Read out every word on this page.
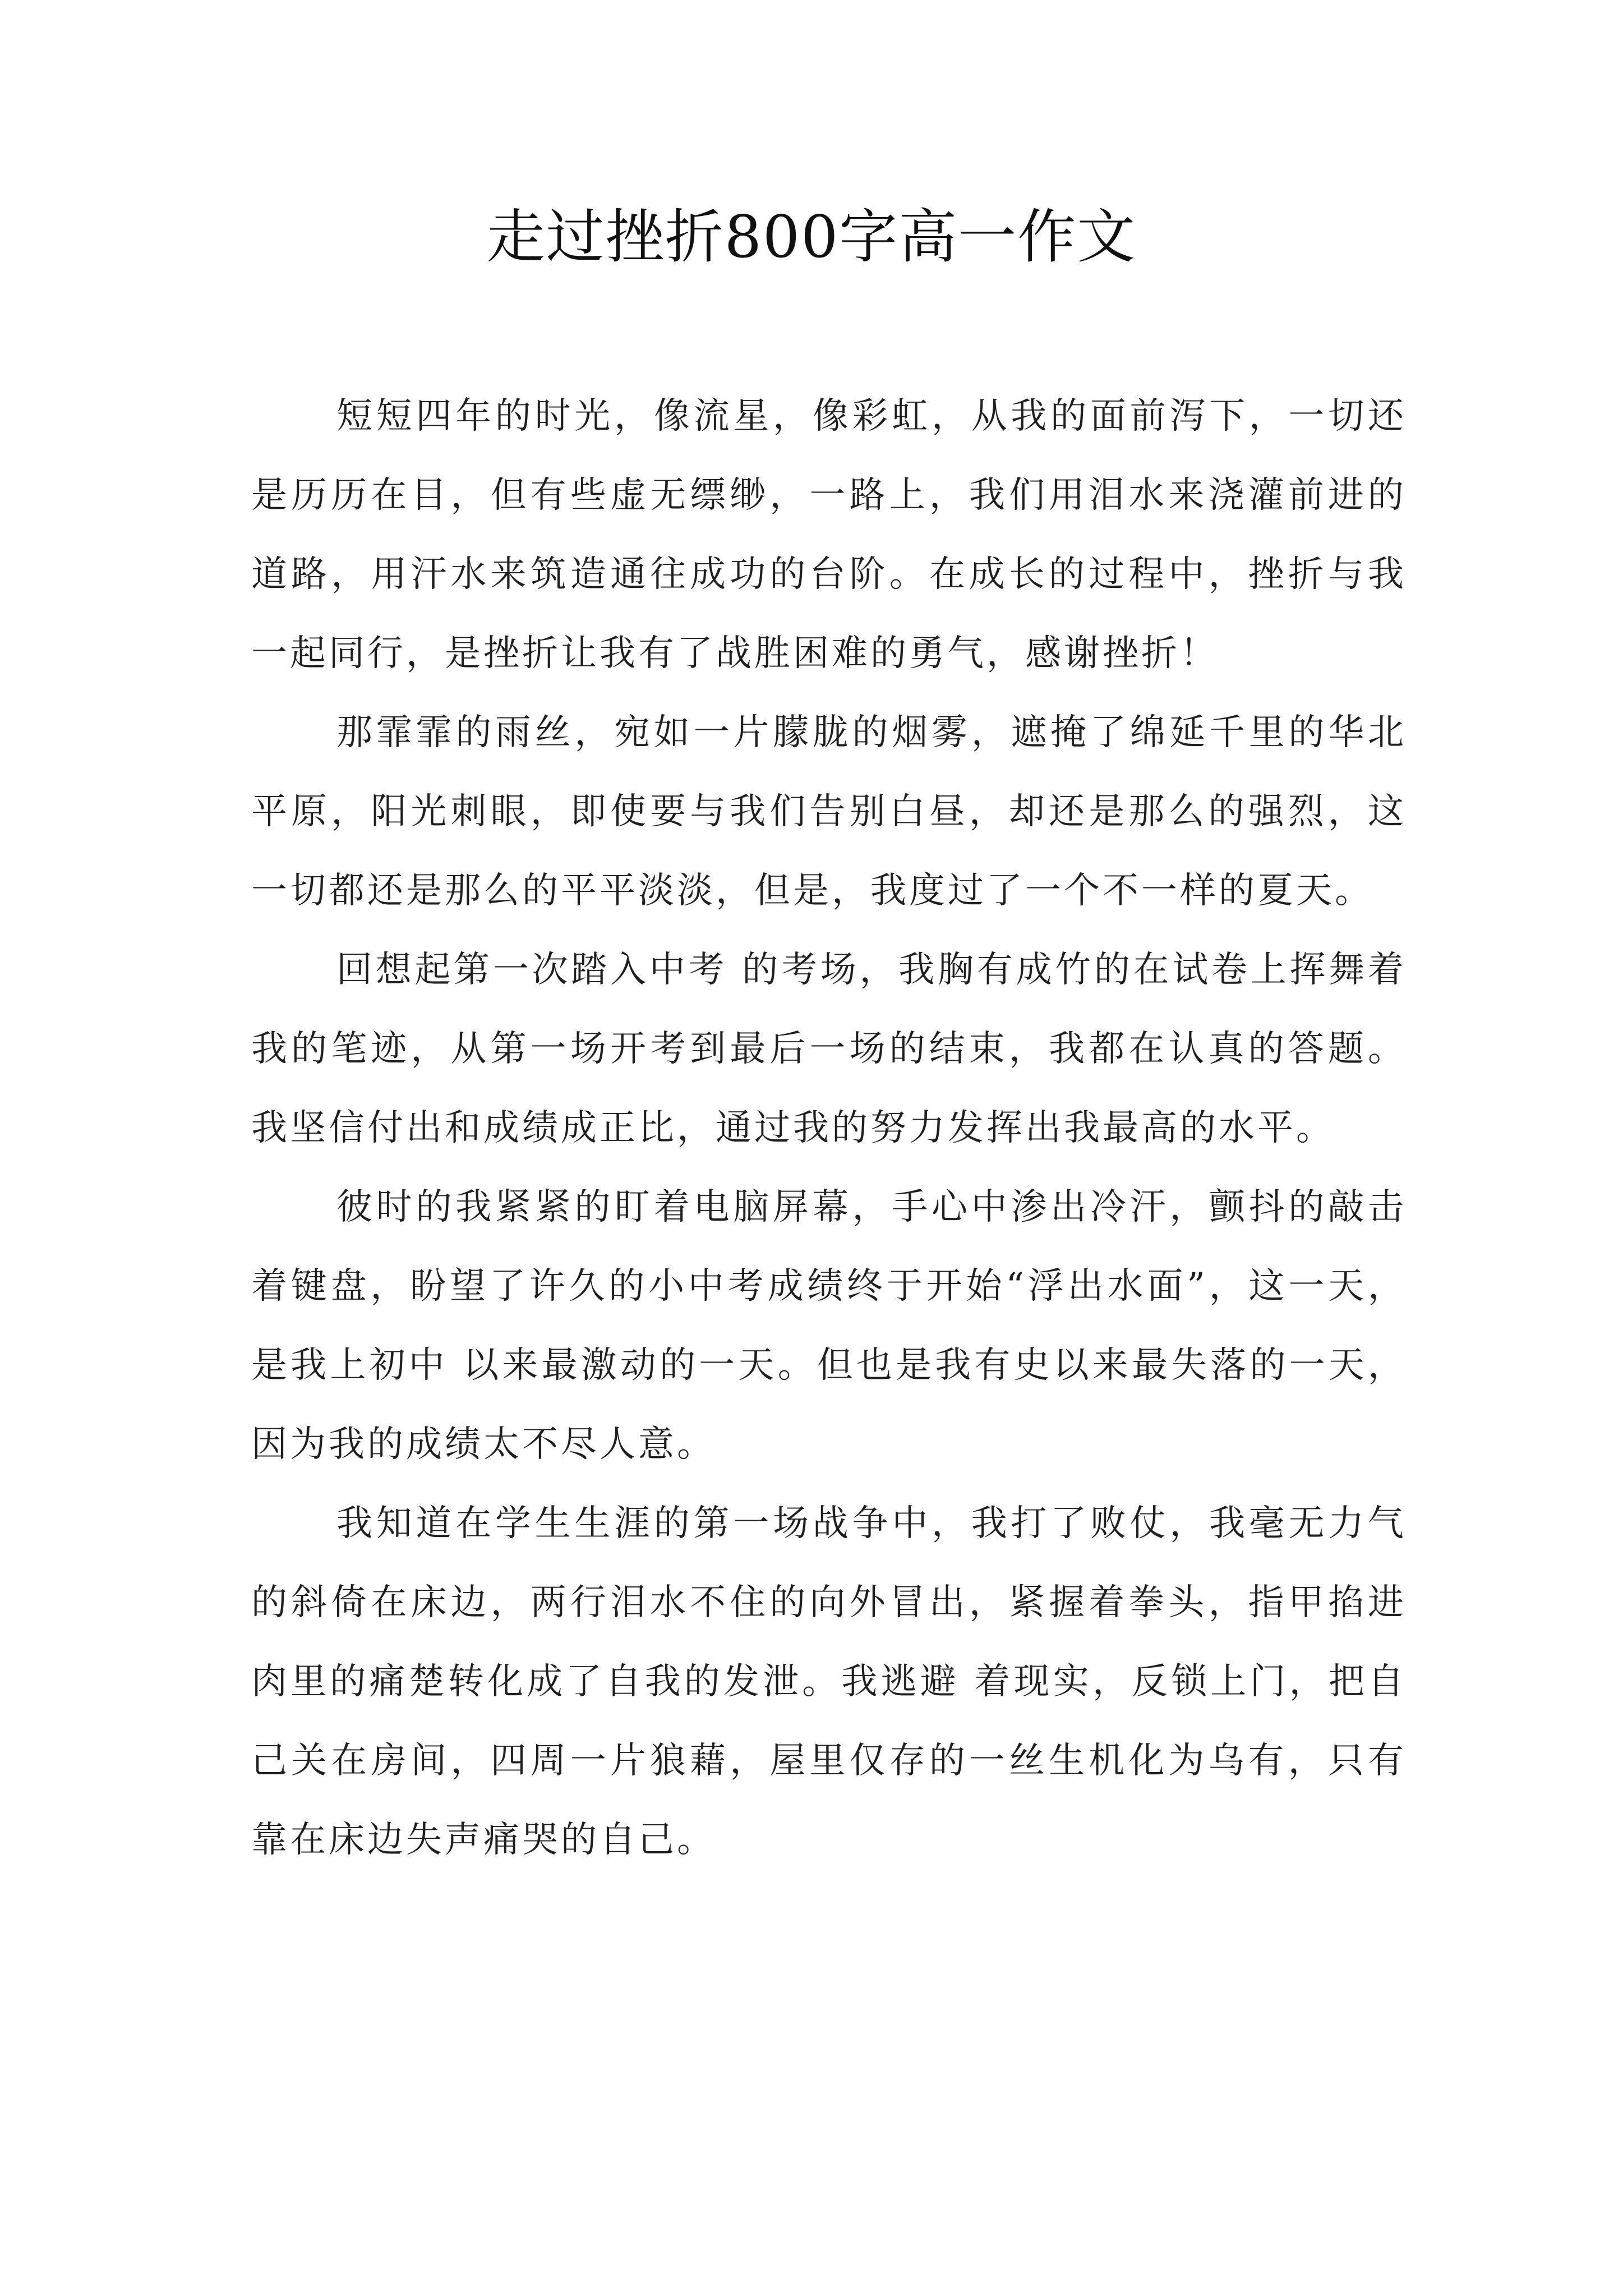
走过挫折800字高一作文

短短四年的时光，像流星，像彩虹，从我的面前泻下，一切还是历历在目，但有些虚无缥缈，一路上，我们用泪水来浇灌前进的道路，用汗水来筑造通往成功的台阶。在成长的过程中，挫折与我一起同行，是挫折让我有了战胜困难的勇气，感谢挫折！

那霏霏的雨丝，宛如一片朦胧的烟雾，遮掩了绵延千里的华北平原，阳光刺眼，即使要与我们告别白昼，却还是那么的强烈，这一切都还是那么的平平淡淡，但是，我度过了一个不一样的夏天。

回想起第一次踏入中考 的考场，我胸有成竹的在试卷上挥舞着我的笔迹，从第一场开考到最后一场的结束，我都在认真的答题。我坚信付出和成绩成正比，通过我的努力发挥出我最高的水平。

彼时的我紧紧的盯着电脑屏幕，手心中渗出冷汗，颤抖的敲击着键盘，盼望了许久的小中考成绩终于开始“浮出水面”，这一天，是我上初中 以来最激动的一天。但也是我有史以来最失落的一天，因为我的成绩太不尽人意。

我知道在学生生涯的第一场战争中，我打了败仗，我毫无力气的斜倚在床边，两行泪水不住的向外冒出，紧握着拳头，指甲掐进肉里的痛楚转化成了自我的发泄。我逃避 着现实，反锁上门，把自己关在房间，四周一片狼藉，屋里仅存的一丝生机化为乌有，只有靠在床边失声痛哭的自己。
